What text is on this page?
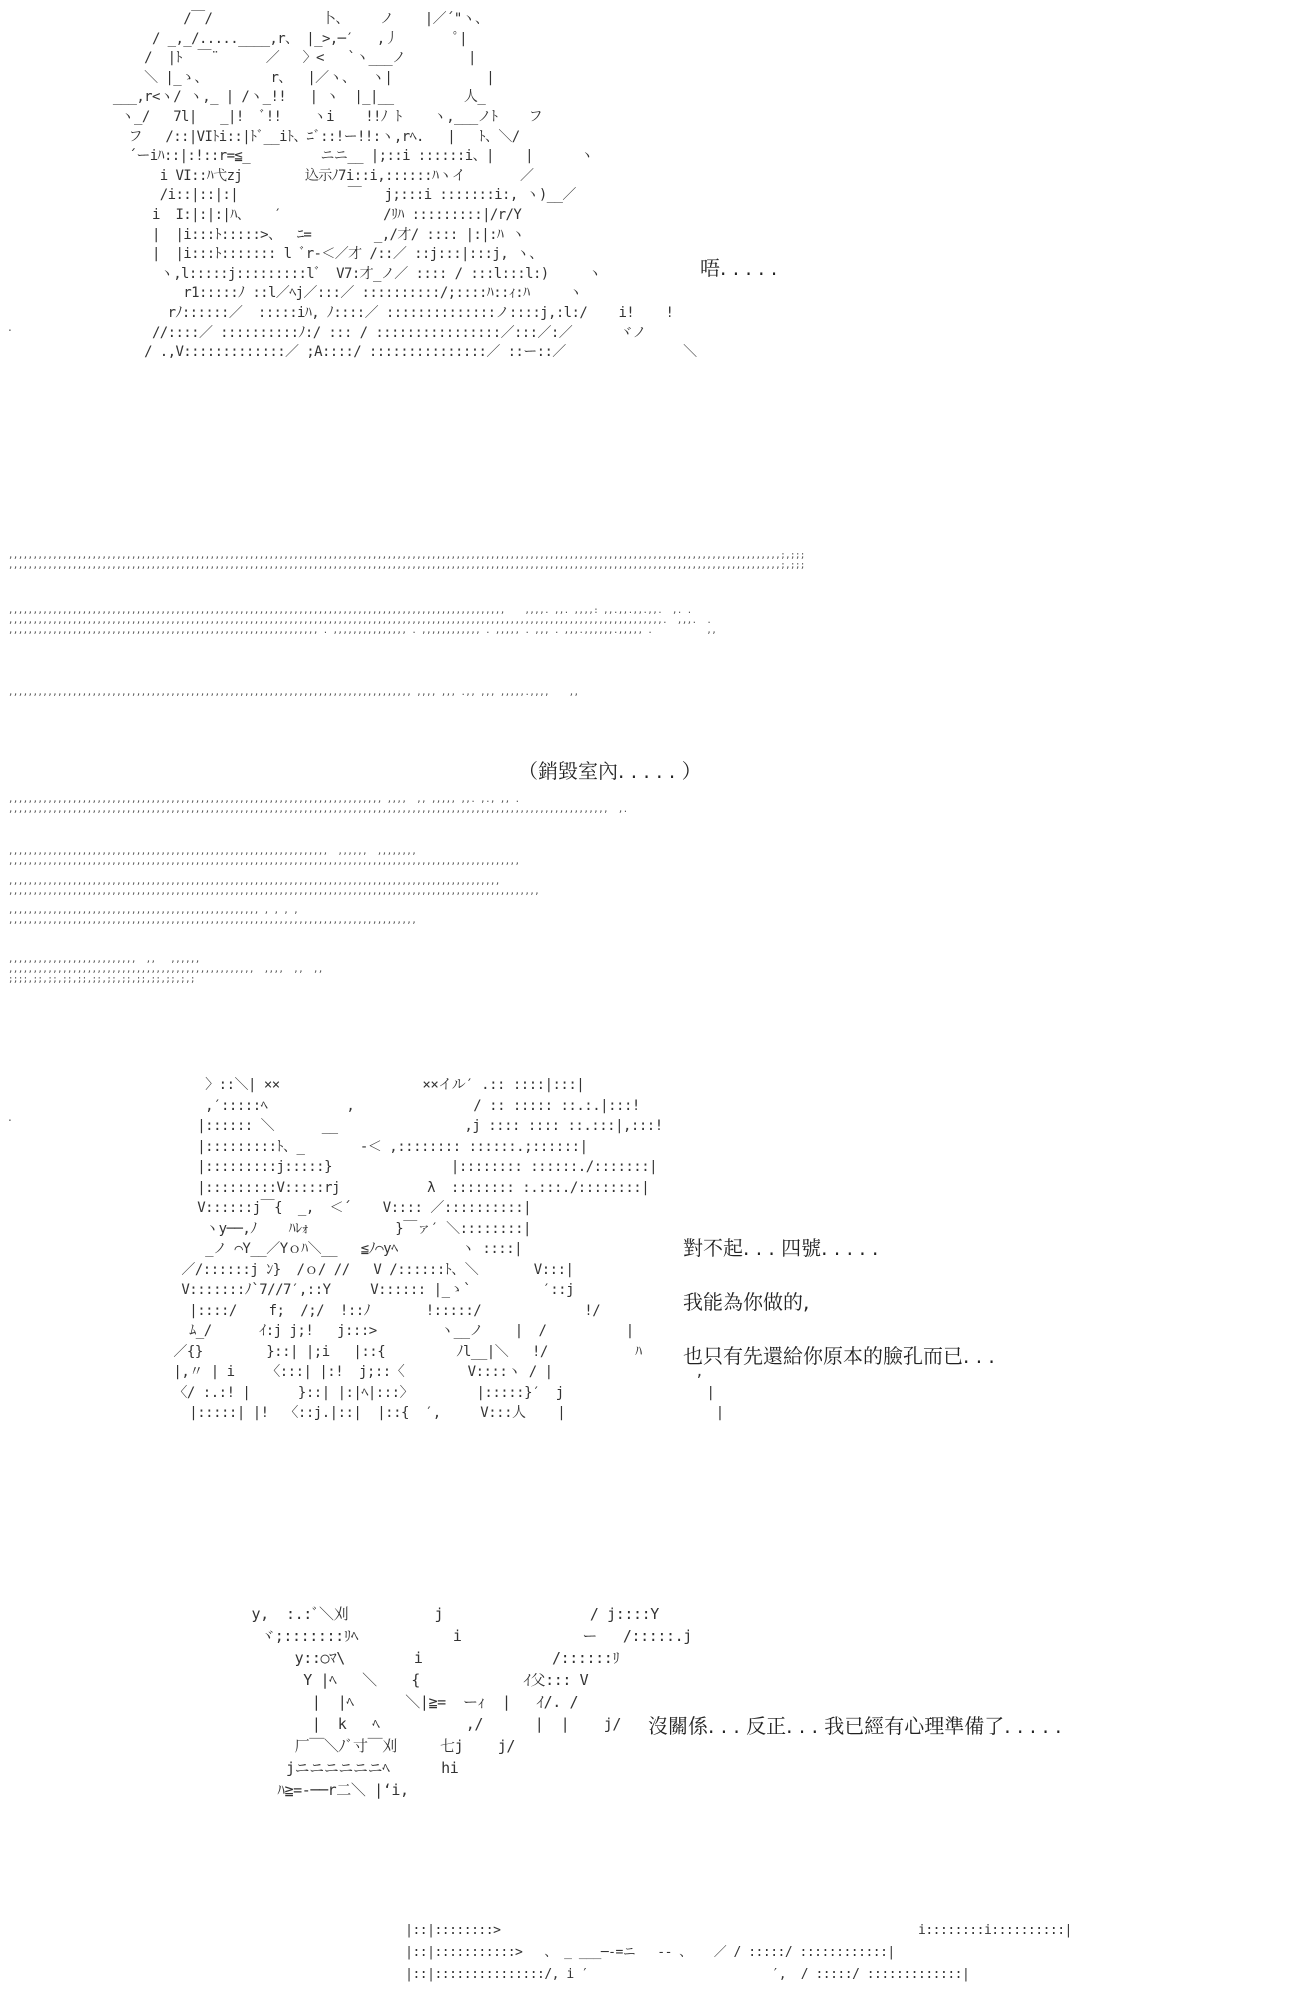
/￣/              卜、    ノ    |／´"ヽ、
/ _,_/.....____,r、 |_>,─′   ,丿       ﾟ|
/  |ﾄ  ￣¨      ／   〉<   `ヽ___ノ        |
＼ |_ゝ、        r、  |／ヽ、  ヽ|            |
___,r<ヽ/ ヽ,_ | /ヽ_!!   | ヽ  |_|__         人_
ヽ_/   7l|   _|!  ﾞ!!    ヽi    !!ﾉ ﾄ    ヽ,___ノﾄ    フ
フ   /::|VIﾄi::|ﾄﾞ__iﾄ、ﾆﾞ::!ー!!:ヽ,rﾍ.   |   ﾄ、＼/
´ーiﾊ::|:!::r=≦_         ニニ__ |;::i ::::::i、|    |      ヽ
i VI::ﾊ弋zj        込示ﾉ7i::i,::::::ﾊヽイ       ／
/i::|::|:|              ￣   j;:::i :::::::i:, ヽ)__／
i  I:|:|:|ﾊ、   ′             /ﾘﾊ :::::::::|/r/Y
|  |i:::ﾄ:::::>、  ﾆ=        _,/才/ :::: |:|:ﾊ ヽ
|  |i:::ﾄ::::::: l ﾞr-＜／才 /::／ ::j:::|:::j, ヽ、
ヽ,l:::::j:::::::::lﾞ  V7:才_ノ／ :::: / :::l:::l:)     ヽ
r1:::::ﾉ ::l／ﾍj／:::／ ::::::::::/;::::ﾊ::ｨ:ﾊ     ヽ
rﾉ::::::／  :::::iﾊ, ﾉ::::／ ::::::::::::::ノ::::j,:l:/    i!    !
//::::／ ::::::::::ﾉ:/ ::: / ::::::::::::::::／:::／:／      ヾノ
/ .,V:::::::::::::／ ;A::::/ :::::::::::::::／ ::ー::／               ＼
.
唔. . . . .
,,,,,,,,,,,,,,,,,,,,,,,,,,,,,,,,,,,,,,,,,,,,,,,,,,,,,,,,,,,,,,,,,,,,,,,,,,,,,,,,,,,,,,,,,,,,,,,,,,,,,,,,,,,,,,,,,,,,,,,,,,,,,,,,,,,,,,,,,,,,,,,,,,,,,,,,,,,,,;,;;;
,,,,,,,,,,,,,,,,,,,,,,,,,,,,,,,,,,,,,,,,,,,,,,,,,,,,,,,,,,,,,,,,,,,,,,,,,,,,,,,,,,,,,,,,,,,,,,,,,,,,,,,,,,,,,,,,,,,,,,,,,,,,,,,,,,,,,,,,,,,,,,,,,,,,,,,,,,,,,;,;;;
,,,,,,,,,,,,,,,,,,,,,,,,,,,,,,,,,,,,,,,,,,,,,,,,,,,,,,,,,,,,,,,,,,,,,,,,,,,,,,,,,,,,,,,,,,,,,,,,,,,,,    ,,,,. ,,. ,,,,: ,,.,,.,,.,,.  ,. .
,,,,,,,,,,,,,,,,,,,,,,,,,,,,,,,,,,,,,,,,,,,,,,,,,,,,,,,,,,,,,,,,,,,,,,,,,,,,,,,,,,,,,,,,,,,,,,,,,,,,,,,,,,,,,,,,,,,,,,,,,,,,,,,,,,,,,.  ,,,.  .
,,,,,,,,,,,,,,,,,,,,,,,,,,,,,,,,,,,,,,,,,,,,,,,,,,,,,,,,,,,,,,, . ,,,,,,,,,,,,,,, . ,,,,,,,,,,,, . ,,,,, . ,,, . ,,,.,,,,,,.,,,,, .           ,,
,,,,,,,,,,,,,,,,,,,,,,,,,,,,,,,,,,,,,,,,,,,,,,,,,,,,,,,,,,,,,,,,,,,,,,,,,,,,,,,,,, ,,,, ,,, .,, ,,, ,,,,,.,,,,    ,,
（銷毀室內. . . . . ）
,,,,,,,,,,,,,,,,,,,,,,,,,,,,,,,,,,,,,,,,,,,,,,,,,,,,,,,,,,,,,,,,,,,,,,,,,,,, ,,,,  ,, ,,,,, ,,. ,., ,, .
,,,,,,,,,,,,,,,,,,,,,,,,,,,,,,,,,,,,,,,,,,,,,,,,,,,,,,,,,,,,,,,,,,,,,,,,,,,,,,,,,,,,,,,,,,,,,,,,,,,,,,,,,,,,,,,,,,,,,,,,,,  ,.
,,,,,,,,,,,,,,,,,,,,,,,,,,,,,,,,,,,,,,,,,,,,,,,,,,,,,,,,,,,,,,,,,  ,,,,,,  ,,,,,,,,
,,,,,,,,,,,,,,,,,,,,,,,,,,,,,,,,,,,,,,,,,,,,,,,,,,,,,,,,,,,,,,,,,,,,,,,,,,,,,,,,,,,,,,,,,,,,,,,,,,,,,,,,
,,,,,,,,,,,,,,,,,,,,,,,,,,,,,,,,,,,,,,,,,,,,,,,,,,,,,,,,,,,,,,,,,,,,,,,,,,,,,,,,,,,,,,,,,,,,,,,,,,,,
,,,,,,,,,,,,,,,,,,,,,,,,,,,,,,,,,,,,,,,,,,,,,,,,,,,,,,,,,,,,,,,,,,,,,,,,,,,,,,,,,,,,,,,,,,,,,,,,,,,,,,,,,,,,
,,,,,,,,,,,,,,,,,,,,,,,,,,,,,,,,,,,,,,,,,,,,,,,,,,, , , , ,
,,,,,,,,,,,,,,,,,,,,,,,,,,,,,,,,,,,,,,,,,,,,,,,,,,,,,,,,,,,,,,,,,,,,,,,,,,,,,,,,,,,
,,,,,,,,,,,,,,,,,,,,,,,,,,  ,,   ,,,,,,
,,,,,,,,,,,,,,,,,,,,,,,,,,,,,,,,,,,,,,,,,,,,,,,,,,  ,,,,  ,,  ,,
;;;;,;;,;;,;;,;;,;;,;;,;;,;;,;;,;;,;,;
〉::＼| ××                  ××イル′ .:: ::::|:::|
,′:::::ﾍ          ,               / :: ::::: ::.:.|:::!
|:::::: ＼      __                ,j :::: :::: ::.:::|,:::!
|:::::::::ﾄ、_       -＜ ,:::::::: ::::::.;::::::|
|:::::::::j:::::}               |:::::::: ::::::./:::::::|
|:::::::::V:::::rj           λ  :::::::: :.:::./::::::::|
V::::::j￣{  _,  ＜´    V:::: ／::::::::::|
ヽy──,ﾉ    ﾊﾚｫ           }￣ァ′ ＼::::::::|
_ノ ⌒Y__／Yｏﾊ＼__   ≦ﾉ⌒yﾍ        ヽ ::::|
／/::::::j ﾝ}  /ｏ/ //   V /::::::ﾄ、＼       V:::|
V:::::::ﾉ`7//7′,::Y     V:::::: |_ゝ`         ′::j
|::::/    f;  /;/  !::ﾉ       !:::::/             !/
ﾑ_/      ｲ:j j;!   j:::>        ヽ__ノ    |  /          |
／{}        }::| |;i   |::{         ﾉl__|＼   !/           ﾊ
|,〃 | i    〈:::| |:!  j;::〈        V::::ヽ / |                  ,
〈/ :.:! |      }::| |:|ﾍ|:::〉        |:::::}′  j                  |
|:::::| |!  〈::j.|::|  |::{  ′,     V:::人    |                   |
.

對不起. . . 四號. . . . .

我能為你做的,

也只有先還給你原本的臉孔而已. . .

y,  :.:ﾞ＼刈          j                 / j::::Y
ヾ;:::::::ﾘﾍ           i              ー   /:::::.j
y::○ﾏ\        i               /::::::ﾘ
Y |ﾍ   ＼    {            ｲ父::: V
|  |ﾍ      ＼|≧=  ーｨ  |   ｲ/. /
|  k   ﾍ          ,/      |  |    j/
厂￣＼ﾉﾞ寸￣刈     七j    j/
jニニニニニニﾍ      hi
ﾊ≧=-──r二＼ |‘i,
沒關係. . . 反正. . . 我已經有心理準備了. . . . .
|::|::::::::>                                                         i::::::::i::::::::::|
|::|:::::::::::>   、 _ ___─‐=ニ   ‐‐ 、   ／ / :::::/ ::::::::::::|
|::|:::::::::::::::/, i ′                         ′,  / :::::/ :::::::::::::|
